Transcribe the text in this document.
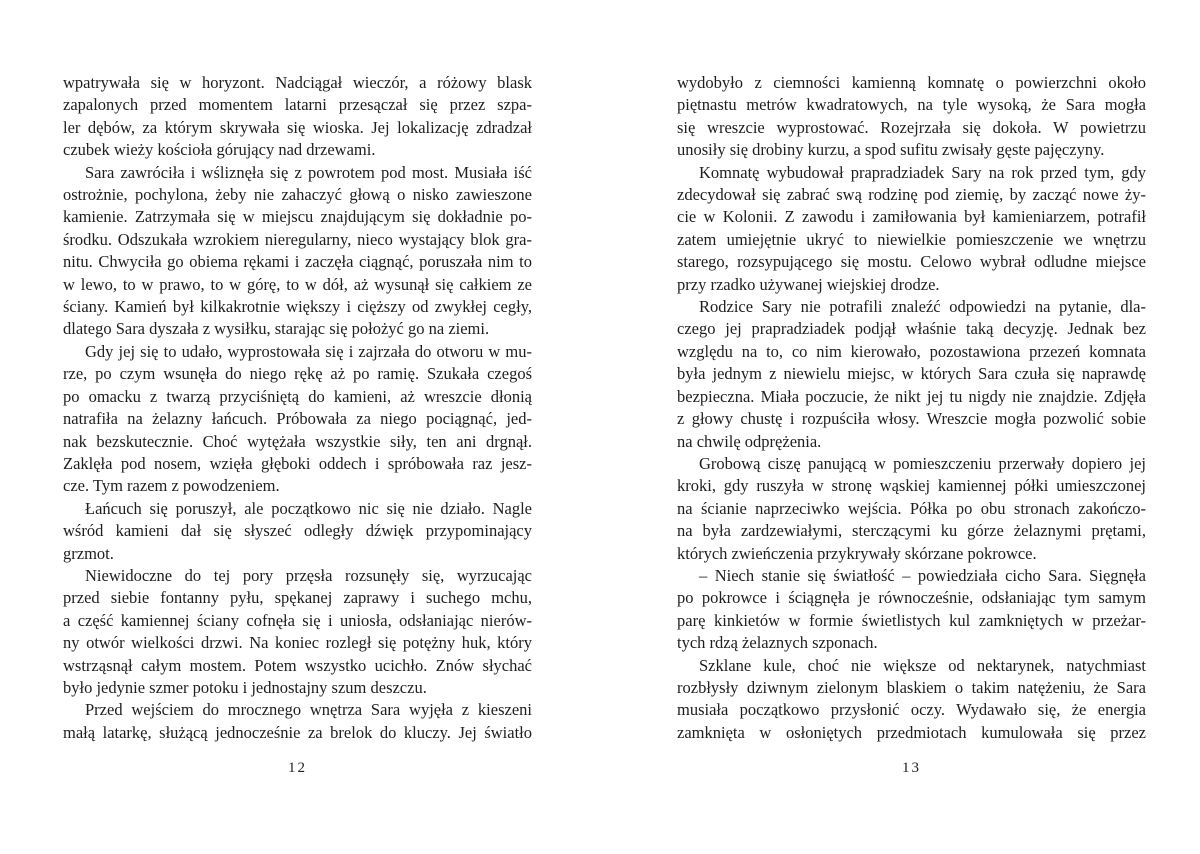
wpatrywała się w horyzont. Nadciągał wieczór, a różowy blask
zapalonych przed momentem latarni przesączał się przez szpa-
ler dębów, za którym skrywała się wioska. Jej lokalizację zdradzał
czubek wieży kościoła górujący nad drzewami.
Sara zawróciła i wśliznęła się z powrotem pod most. Musiała iść
ostrożnie, pochylona, żeby nie zahaczyć głową o nisko zawieszone
kamienie. Zatrzymała się w miejscu znajdującym się dokładnie po-
środku. Odszukała wzrokiem nieregularny, nieco wystający blok gra-
nitu. Chwyciła go obiema rękami i zaczęła ciągnąć, poruszała nim to
w lewo, to w prawo, to w górę, to w dół, aż wysunął się całkiem ze
ściany. Kamień był kilkakrotnie większy i cięższy od zwykłej cegły,
dlatego Sara dyszała z wysiłku, starając się położyć go na ziemi.
Gdy jej się to udało, wyprostowała się i zajrzała do otworu w mu-
rze, po czym wsunęła do niego rękę aż po ramię. Szukała czegoś
po omacku z twarzą przyciśniętą do kamieni, aż wreszcie dłonią
natrafiła na żelazny łańcuch. Próbowała za niego pociągnąć, jed-
nak bezskutecznie. Choć wytężała wszystkie siły, ten ani drgnął.
Zaklęła pod nosem, wzięła głęboki oddech i spróbowała raz jesz-
cze. Tym razem z powodzeniem.
Łańcuch się poruszył, ale początkowo nic się nie działo. Nagle
wśród kamieni dał się słyszeć odległy dźwięk przypominający
grzmot.
Niewidoczne do tej pory przęsła rozsunęły się, wyrzucając
przed siebie fontanny pyłu, spękanej zaprawy i suchego mchu,
a część kamiennej ściany cofnęła się i uniosła, odsłaniając nierów-
ny otwór wielkości drzwi. Na koniec rozległ się potężny huk, który
wstrząsnął całym mostem. Potem wszystko ucichło. Znów słychać
było jedynie szmer potoku i jednostajny szum deszczu.
Przed wejściem do mrocznego wnętrza Sara wyjęła z kieszeni
małą latarkę, służącą jednocześnie za brelok do kluczy. Jej światło
12
wydobyło z ciemności kamienną komnatę o powierzchni około
piętnastu metrów kwadratowych, na tyle wysoką, że Sara mogła
się wreszcie wyprostować. Rozejrzała się dokoła. W powietrzu
unosiły się drobiny kurzu, a spod sufitu zwisały gęste pajęczyny.
Komnatę wybudował prapradziadek Sary na rok przed tym, gdy
zdecydował się zabrać swą rodzinę pod ziemię, by zacząć nowe ży-
cie w Kolonii. Z zawodu i zamiłowania był kamieniarzem, potrafił
zatem umiejętnie ukryć to niewielkie pomieszczenie we wnętrzu
starego, rozsypującego się mostu. Celowo wybrał odludne miejsce
przy rzadko używanej wiejskiej drodze.
Rodzice Sary nie potrafili znaleźć odpowiedzi na pytanie, dla-
czego jej prapradziadek podjął właśnie taką decyzję. Jednak bez
względu na to, co nim kierowało, pozostawiona przezeń komnata
była jednym z niewielu miejsc, w których Sara czuła się naprawdę
bezpieczna. Miała poczucie, że nikt jej tu nigdy nie znajdzie. Zdjęła
z głowy chustę i rozpuściła włosy. Wreszcie mogła pozwolić sobie
na chwilę odprężenia.
Grobową ciszę panującą w pomieszczeniu przerwały dopiero jej
kroki, gdy ruszyła w stronę wąskiej kamiennej półki umieszczonej
na ścianie naprzeciwko wejścia. Półka po obu stronach zakończo-
na była zardzewiałymi, sterczącymi ku górze żelaznymi prętami,
których zwieńczenia przykrywały skórzane pokrowce.
– Niech stanie się światłość – powiedziała cicho Sara. Sięgnęła
po pokrowce i ściągnęła je równocześnie, odsłaniając tym samym
parę kinkietów w formie świetlistych kul zamkniętych w przeżar-
tych rdzą żelaznych szponach.
Szklane kule, choć nie większe od nektarynek, natychmiast
rozbłysły dziwnym zielonym blaskiem o takim natężeniu, że Sara
musiała początkowo przysłonić oczy. Wydawało się, że energia
zamknięta w osłoniętych przedmiotach kumulowała się przez
13
